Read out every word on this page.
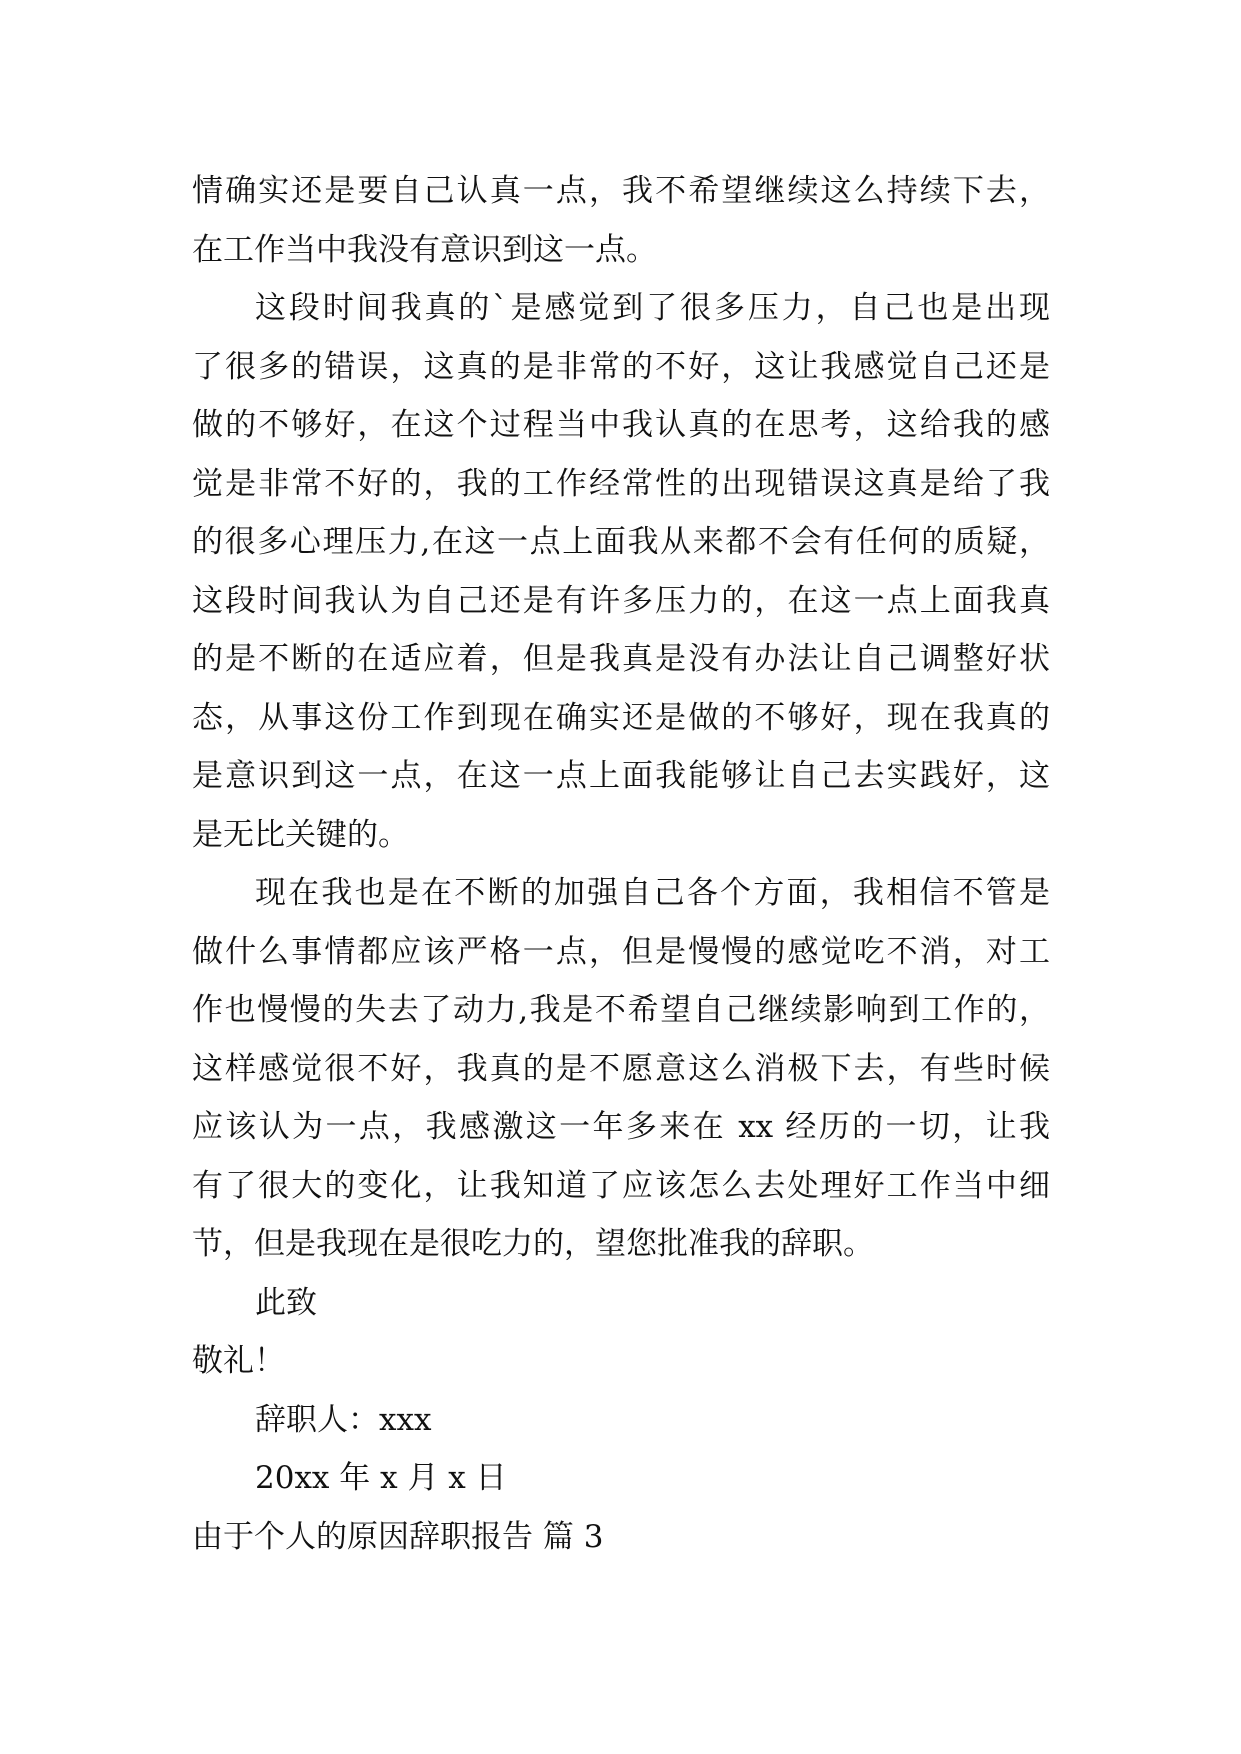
情确实还是要自己认真一点，我不希望继续这么持续下去，
在工作当中我没有意识到这一点。
这段时间我真的`是感觉到了很多压力，自己也是出现
了很多的错误，这真的是非常的不好，这让我感觉自己还是
做的不够好，在这个过程当中我认真的在思考，这给我的感
觉是非常不好的，我的工作经常性的出现错误这真是给了我
的很多心理压力,在这一点上面我从来都不会有任何的质疑，
这段时间我认为自己还是有许多压力的，在这一点上面我真
的是不断的在适应着，但是我真是没有办法让自己调整好状
态，从事这份工作到现在确实还是做的不够好，现在我真的
是意识到这一点，在这一点上面我能够让自己去实践好，这
是无比关键的。
现在我也是在不断的加强自己各个方面，我相信不管是
做什么事情都应该严格一点，但是慢慢的感觉吃不消，对工
作也慢慢的失去了动力,我是不希望自己继续影响到工作的，
这样感觉很不好，我真的是不愿意这么消极下去，有些时候
应该认为一点，我感激这一年多来在 xx 经历的一切，让我
有了很大的变化，让我知道了应该怎么去处理好工作当中细
节，但是我现在是很吃力的，望您批准我的辞职。
此致
敬礼！
辞职人：xxx
20xx 年 x 月 x 日
由于个人的原因辞职报告 篇 3
